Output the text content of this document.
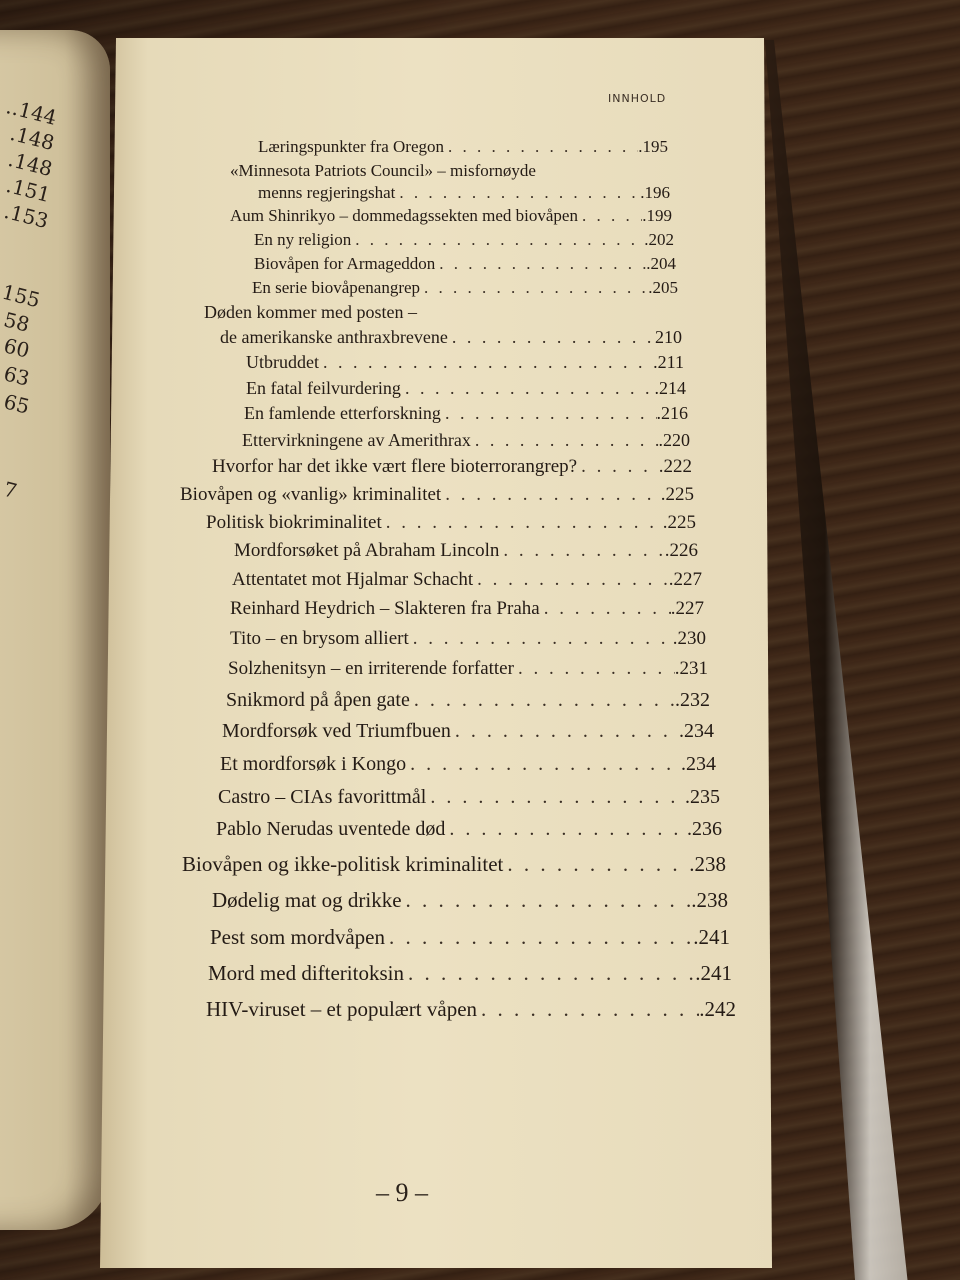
..144
.148
.148
.151
.153
155
58
60
63
65
7
INNHOLD
Læringspunkter fra Oregon . . .	.195
«Minnesota Patriots Council» – misfornøyde
menns regjeringshat . . .	.196
Aum Shinrikyo – dommedagssekten med biovåpen . . .	.199
En ny religion . . .	.202
Biovåpen for Armageddon . . .	.204
En serie biovåpenangrep . . .	.205
Døden kommer med posten –
de amerikanske anthraxbrevene . . .	210
Utbruddet . . .	.211
En fatal feilvurdering . . .	.214
En famlende etterforskning . . .	.216
Ettervirkningene av Amerithrax . . .	.220
Hvorfor har det ikke vært flere bioterrorangrep? . . .	.222
Biovåpen og «vanlig» kriminalitet . . .	.225
Politisk biokriminalitet . . .	.225
Mordforsøket på Abraham Lincoln . . .	.226
Attentatet mot Hjalmar Schacht . . .	.227
Reinhard Heydrich – Slakteren fra Praha . . .	.227
Tito – en brysom alliert . . .	.230
Solzhenitsyn – en irriterende forfatter . . .	.231
Snikmord på åpen gate . . .	.232
Mordforsøk ved Triumfbuen . . .	.234
Et mordforsøk i Kongo . . .	.234
Castro – CIAs favorittmål . . .	.235
Pablo Nerudas uventede død . . .	.236
Biovåpen og ikke-politisk kriminalitet . . .	.238
Dødelig mat og drikke . . .	.238
Pest som mordvåpen . . .	.241
Mord med difteritoksin . . .	.241
HIV-viruset – et populært våpen . . .	.242
– 9 –
